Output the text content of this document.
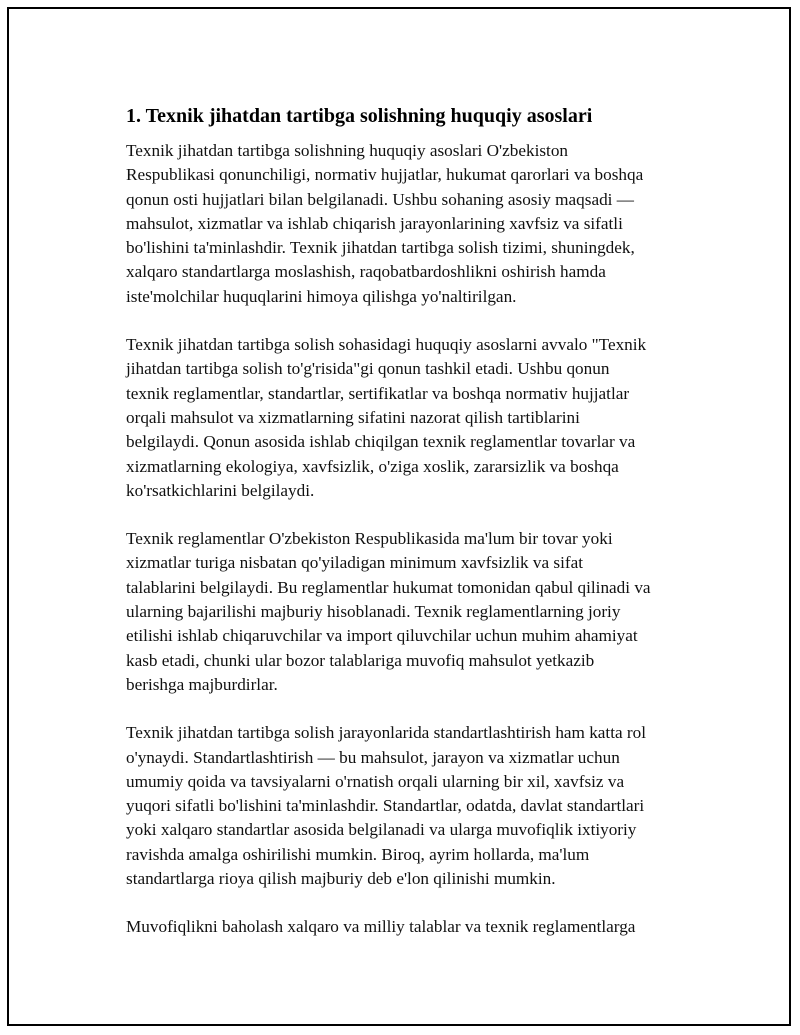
1. Texnik jihatdan tartibga solishning huquqiy asoslari

Texnik jihatdan tartibga solishning huquqiy asoslari O'zbekiston
Respublikasi qonunchiligi, normativ hujjatlar, hukumat qarorlari va boshqa
qonun osti hujjatlari bilan belgilanadi. Ushbu sohaning asosiy maqsadi —
mahsulot, xizmatlar va ishlab chiqarish jarayonlarining xavfsiz va sifatli
bo'lishini ta'minlashdir. Texnik jihatdan tartibga solish tizimi, shuningdek,
xalqaro standartlarga moslashish, raqobatbardoshlikni oshirish hamda
iste'molchilar huquqlarini himoya qilishga yo'naltirilgan.

Texnik jihatdan tartibga solish sohasidagi huquqiy asoslarni avvalo "Texnik
jihatdan tartibga solish to'g'risida"gi qonun tashkil etadi. Ushbu qonun
texnik reglamentlar, standartlar, sertifikatlar va boshqa normativ hujjatlar
orqali mahsulot va xizmatlarning sifatini nazorat qilish tartiblarini
belgilaydi. Qonun asosida ishlab chiqilgan texnik reglamentlar tovarlar va
xizmatlarning ekologiya, xavfsizlik, o'ziga xoslik, zararsizlik va boshqa
ko'rsatkichlarini belgilaydi.

Texnik reglamentlar O'zbekiston Respublikasida ma'lum bir tovar yoki
xizmatlar turiga nisbatan qo'yiladigan minimum xavfsizlik va sifat
talablarini belgilaydi. Bu reglamentlar hukumat tomonidan qabul qilinadi va
ularning bajarilishi majburiy hisoblanadi. Texnik reglamentlarning joriy
etilishi ishlab chiqaruvchilar va import qiluvchilar uchun muhim ahamiyat
kasb etadi, chunki ular bozor talablariga muvofiq mahsulot yetkazib
berishga majburdirlar.

Texnik jihatdan tartibga solish jarayonlarida standartlashtirish ham katta rol
o'ynaydi. Standartlashtirish — bu mahsulot, jarayon va xizmatlar uchun
umumiy qoida va tavsiyalarni o'rnatish orqali ularning bir xil, xavfsiz va
yuqori sifatli bo'lishini ta'minlashdir. Standartlar, odatda, davlat standartlari
yoki xalqaro standartlar asosida belgilanadi va ularga muvofiqlik ixtiyoriy
ravishda amalga oshirilishi mumkin. Biroq, ayrim hollarda, ma'lum
standartlarga rioya qilish majburiy deb e'lon qilinishi mumkin.

Muvofiqlikni baholash xalqaro va milliy talablar va texnik reglamentlarga
